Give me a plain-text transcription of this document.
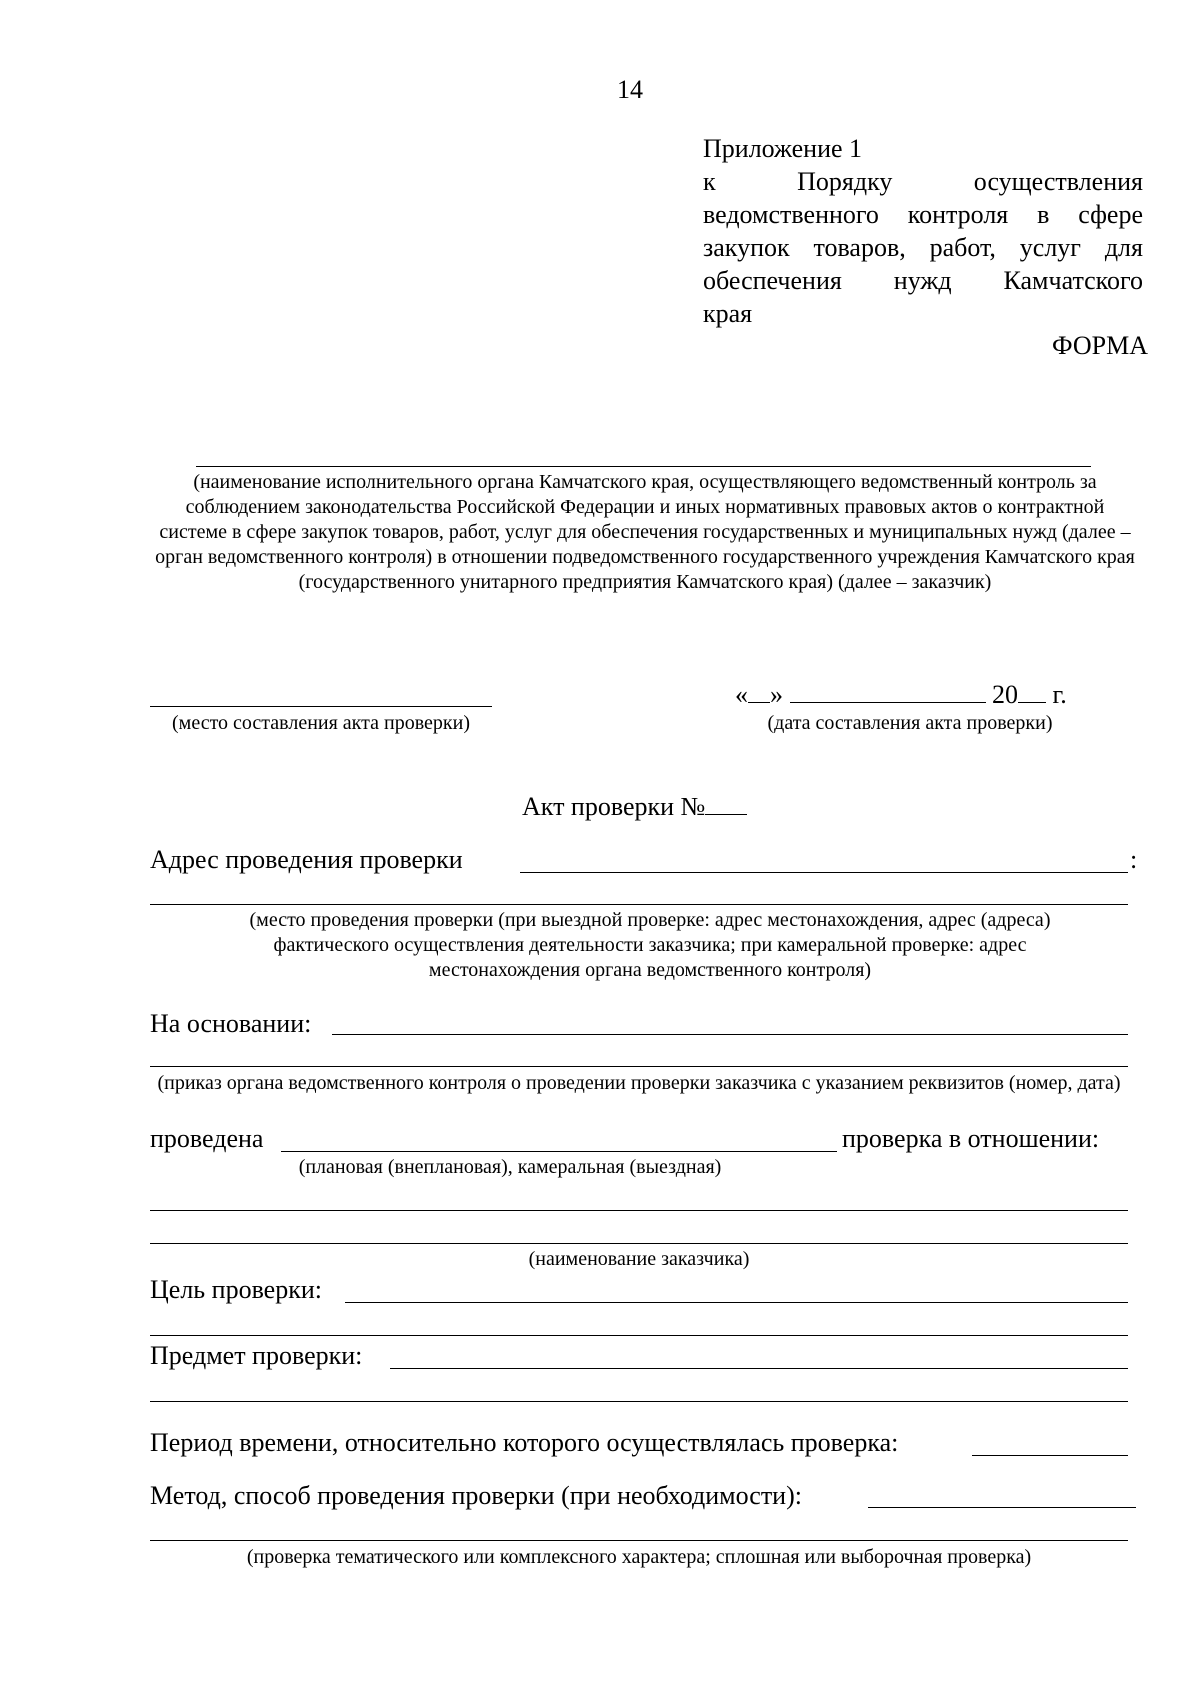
14
Приложение 1
к Порядку осуществления
ведомственного контроля в сфере
закупок товаров, работ, услуг для
обеспечения нужд Камчатского
края
ФОРМА
(наименование исполнительного органа Камчатского края, осуществляющего ведомственный контроль за соблюдением законодательства Российской Федерации и иных нормативных правовых актов о контрактной системе в сфере закупок товаров, работ, услуг для обеспечения государственных и муниципальных нужд (далее – орган ведомственного контроля) в отношении подведомственного государственного учреждения Камчатского края (государственного унитарного предприятия Камчатского края) (далее – заказчик)
(место составления акта проверки)
« »	20 г.
(дата составления акта проверки)
Акт проверки №
Адрес проведения проверки	:
(место проведения проверки (при выездной проверке: адрес местонахождения, адрес (адреса) фактического осуществления деятельности заказчика; при камеральной проверке: адрес местонахождения органа ведомственного контроля)
На основании:
(приказ органа ведомственного контроля о проведении проверки заказчика с указанием реквизитов (номер, дата)
проведена	проверка в отношении:
(плановая (внеплановая), камеральная (выездная)
(наименование заказчика)
Цель проверки:
Предмет проверки:
Период времени, относительно которого осуществлялась проверка:
Метод, способ проведения проверки (при необходимости):
(проверка тематического или комплексного характера; сплошная или выборочная проверка)
